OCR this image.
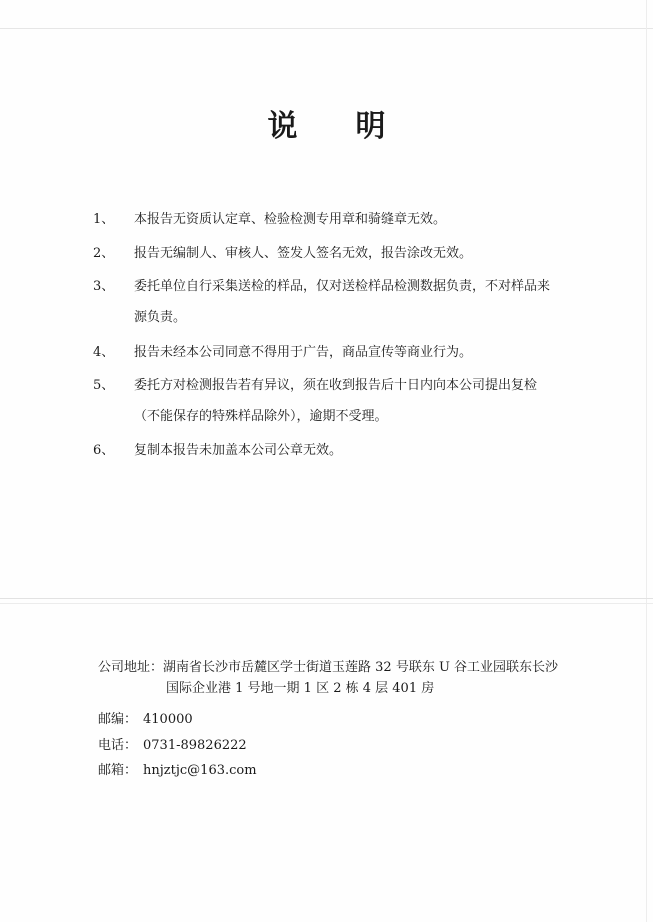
说 明
1、	本报告无资质认定章、检验检测专用章和骑缝章无效。
2、	报告无编制人、审核人、签发人签名无效，报告涂改无效。
3、	委托单位自行采集送检的样品，仅对送检样品检测数据负责，不对样品来
源负责。
4、	报告未经本公司同意不得用于广告，商品宣传等商业行为。
5、	委托方对检测报告若有异议，须在收到报告后十日内向本公司提出复检
（不能保存的特殊样品除外），逾期不受理。
6、	复制本报告未加盖本公司公章无效。
公司地址：湖南省长沙市岳麓区学士街道玉莲路 32 号联东 U 谷工业园联东长沙
国际企业港 1 号地一期 1 区 2 栋 4 层 401 房
邮编： 410000
电话： 0731-89826222
邮箱： hnjztjc@163.com
